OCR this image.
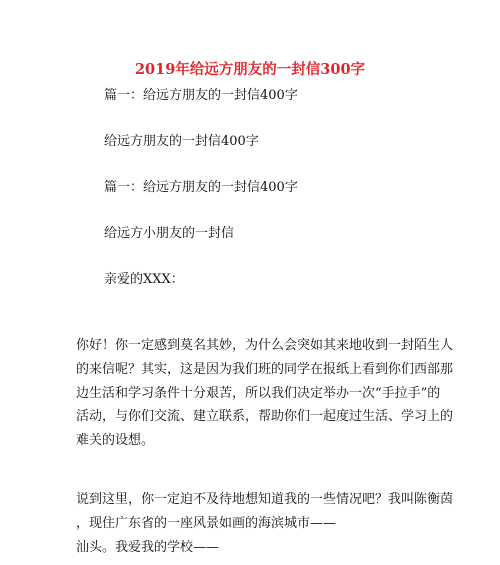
2019年给远方朋友的一封信300字
篇一：给远方朋友的一封信400字
给远方朋友的一封信400字
篇一：给远方朋友的一封信400字
给远方小朋友的一封信
亲爱的XXX：
你好！你一定感到莫名其妙，为什么会突如其来地收到一封陌生人
的来信呢？其实，这是因为我们班的同学在报纸上看到你们西部那
边生活和学习条件十分艰苦，所以我们决定举办一次“手拉手”的
活动，与你们交流、建立联系，帮助你们一起度过生活、学习上的
难关的设想。
说到这里，你一定迫不及待地想知道我的一些情况吧？我叫陈衡茵
，现住广东省的一座风景如画的海滨城市——
汕头。我爱我的学校——
